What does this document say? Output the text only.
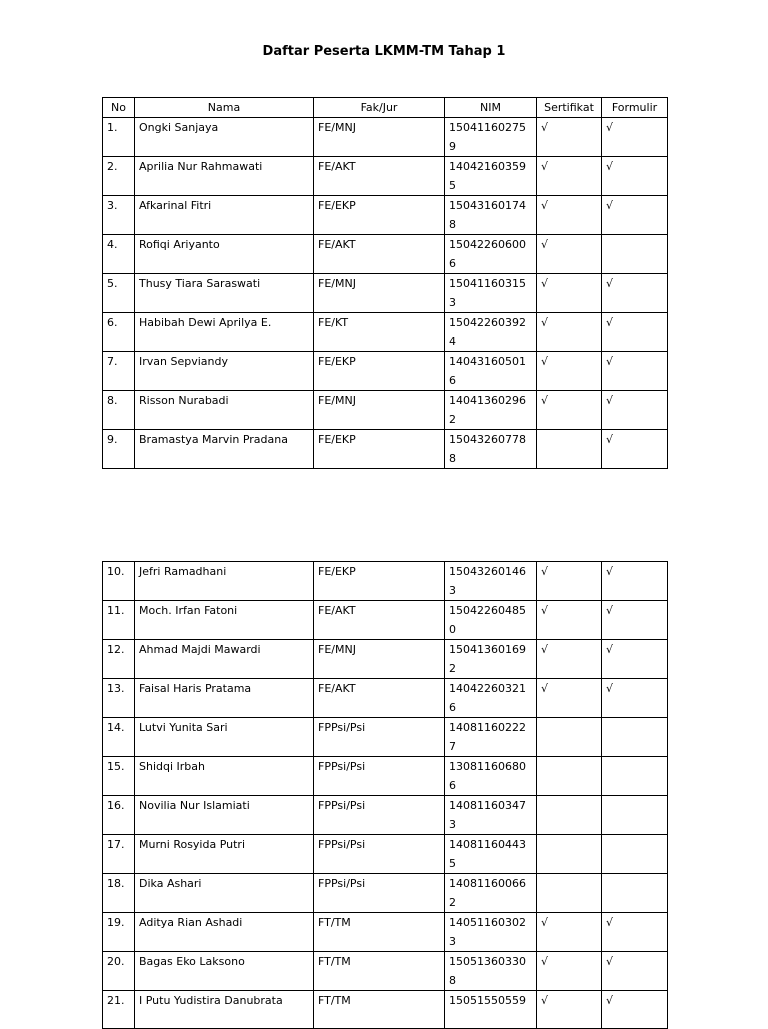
Daftar Peserta LKMM-TM Tahap 1
No	Nama	Fak/Jur	NIM	Sertifikat	Formulir
1.	Ongki Sanjaya	FE/MNJ	150411602759	√	√
2.	Aprilia Nur Rahmawati	FE/AKT	140421603595	√	√
3.	Afkarinal Fitri	FE/EKP	150431601748	√	√
4.	Rofiqi Ariyanto	FE/AKT	150422606006	√	
5.	Thusy Tiara Saraswati	FE/MNJ	150411603153	√	√
6.	Habibah Dewi Aprilya E.	FE/KT	150422603924	√	√
7.	Irvan Sepviandy	FE/EKP	140431605016	√	√
8.	Risson Nurabadi	FE/MNJ	140413602962	√	√
9.	Bramastya Marvin Pradana	FE/EKP	150432607788		√
10.	Jefri Ramadhani	FE/EKP	150432601463	√	√
11.	Moch. Irfan Fatoni	FE/AKT	150422604850	√	√
12.	Ahmad Majdi Mawardi	FE/MNJ	150413601692	√	√
13.	Faisal Haris Pratama	FE/AKT	140422603216	√	√
14.	Lutvi Yunita Sari	FPPsi/Psi	140811602227		
15.	Shidqi Irbah	FPPsi/Psi	130811606806		
16.	Novilia Nur Islamiati	FPPsi/Psi	140811603473		
17.	Murni Rosyida Putri	FPPsi/Psi	140811604435		
18.	Dika Ashari	FPPsi/Psi	140811600662		
19.	Aditya Rian Ashadi	FT/TM	140511603023	√	√
20.	Bagas Eko Laksono	FT/TM	150513603308	√	√
21.	I Putu Yudistira Danubrata	FT/TM	15051550559	√	√
